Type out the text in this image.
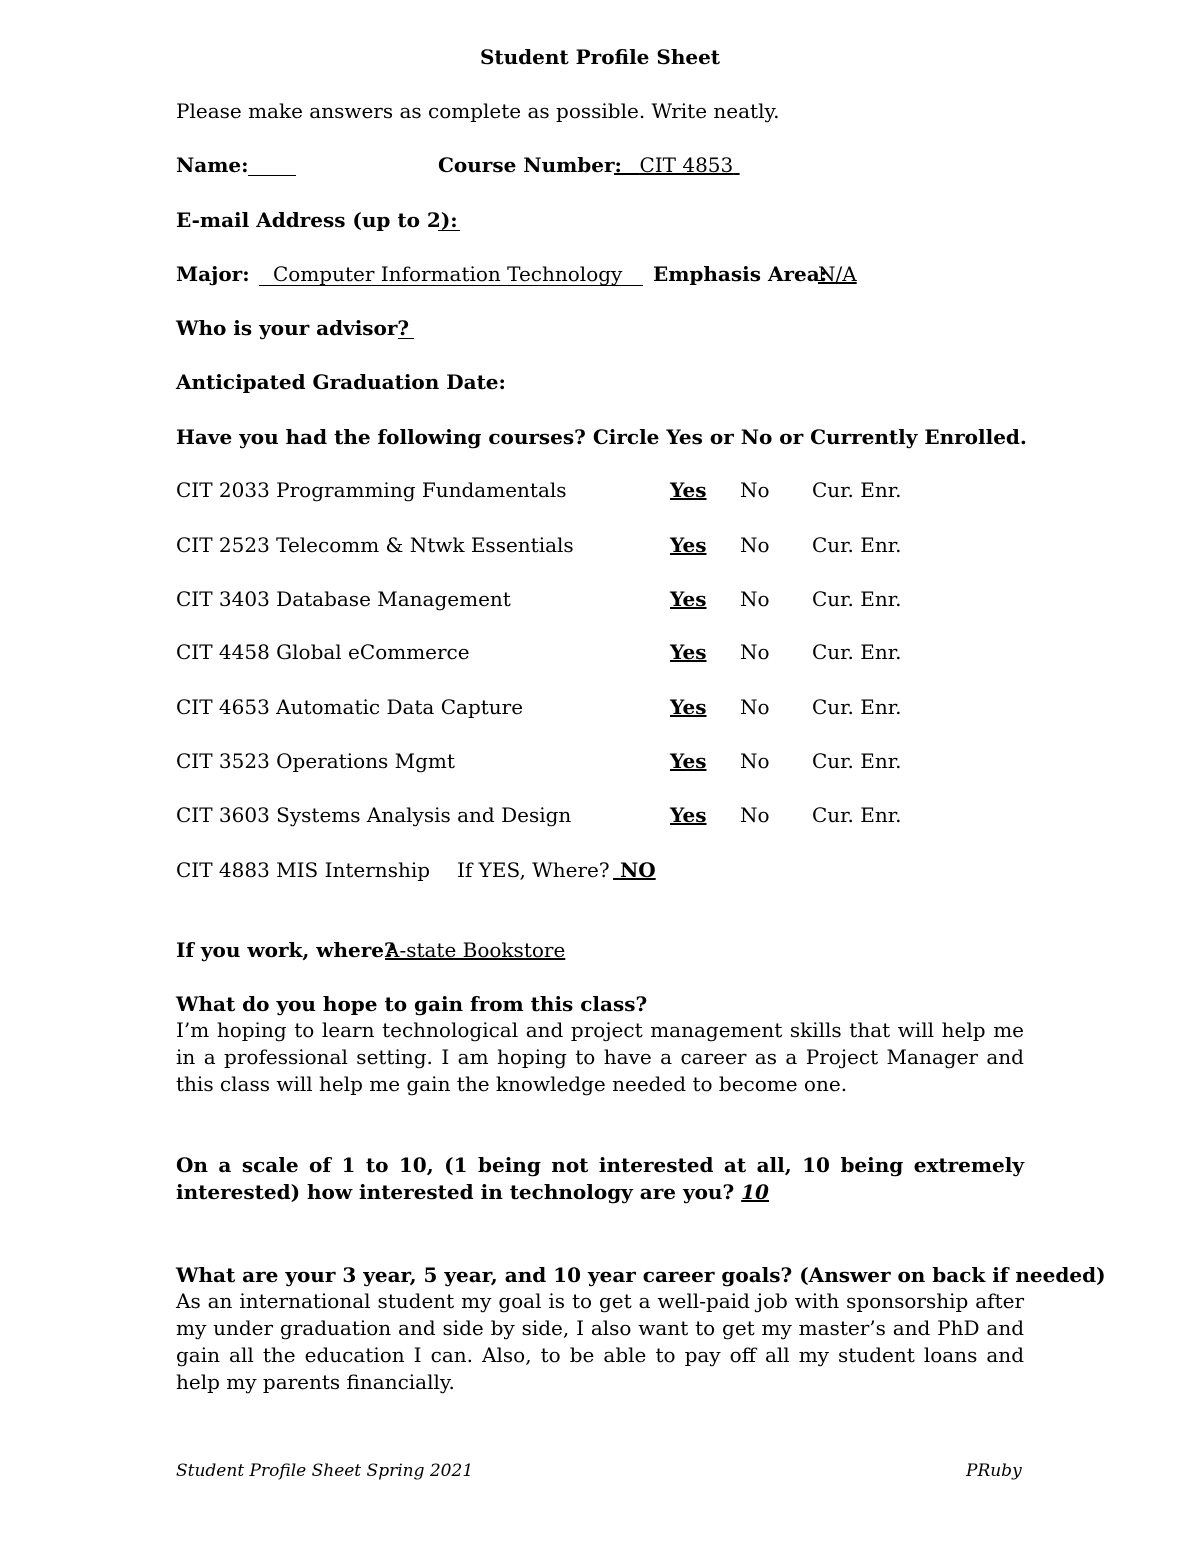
Student Profile Sheet
Please make answers as complete as possible. Write neatly.
Name:	Course Number: CIT 4853
E-mail Address (up to 2):
Major:	Computer Information Technology	Emphasis Area:
N/A
Who is your advisor?
Anticipated Graduation Date:
Have you had the following courses? Circle Yes or No or Currently Enrolled.
CIT 2033 Programming Fundamentals	Yes No Cur. Enr.
CIT 2523 Telecomm & Ntwk Essentials	Yes No Cur. Enr.
CIT 3403 Database Management	Yes No Cur. Enr.
CIT 4458 Global eCommerce	Yes No Cur. Enr.
CIT 4653 Automatic Data Capture	Yes No Cur. Enr.
CIT 3523 Operations Mgmt	Yes No Cur. Enr.
CIT 3603 Systems Analysis and Design	Yes No Cur. Enr.
CIT 4883 MIS Internship If YES, Where? NO
If you work, where?
A-state Bookstore
What do you hope to gain from this class?
I’m hoping to learn technological and project management skills that will help me in a professional setting. I am hoping to have a career as a Project Manager and this class will help me gain the knowledge needed to become one.
On a scale of 1 to 10, (1 being not interested at all, 10 being extremely interested) how interested in technology are you? 10
What are your 3 year, 5 year, and 10 year career goals? (Answer on back if needed)
As an international student my goal is to get a well-paid job with sponsorship after my under graduation and side by side, I also want to get my master’s and PhD and gain all the education I can. Also, to be able to pay off all my student loans and help my parents financially.
Student Profile Sheet Spring 2021	PRuby
